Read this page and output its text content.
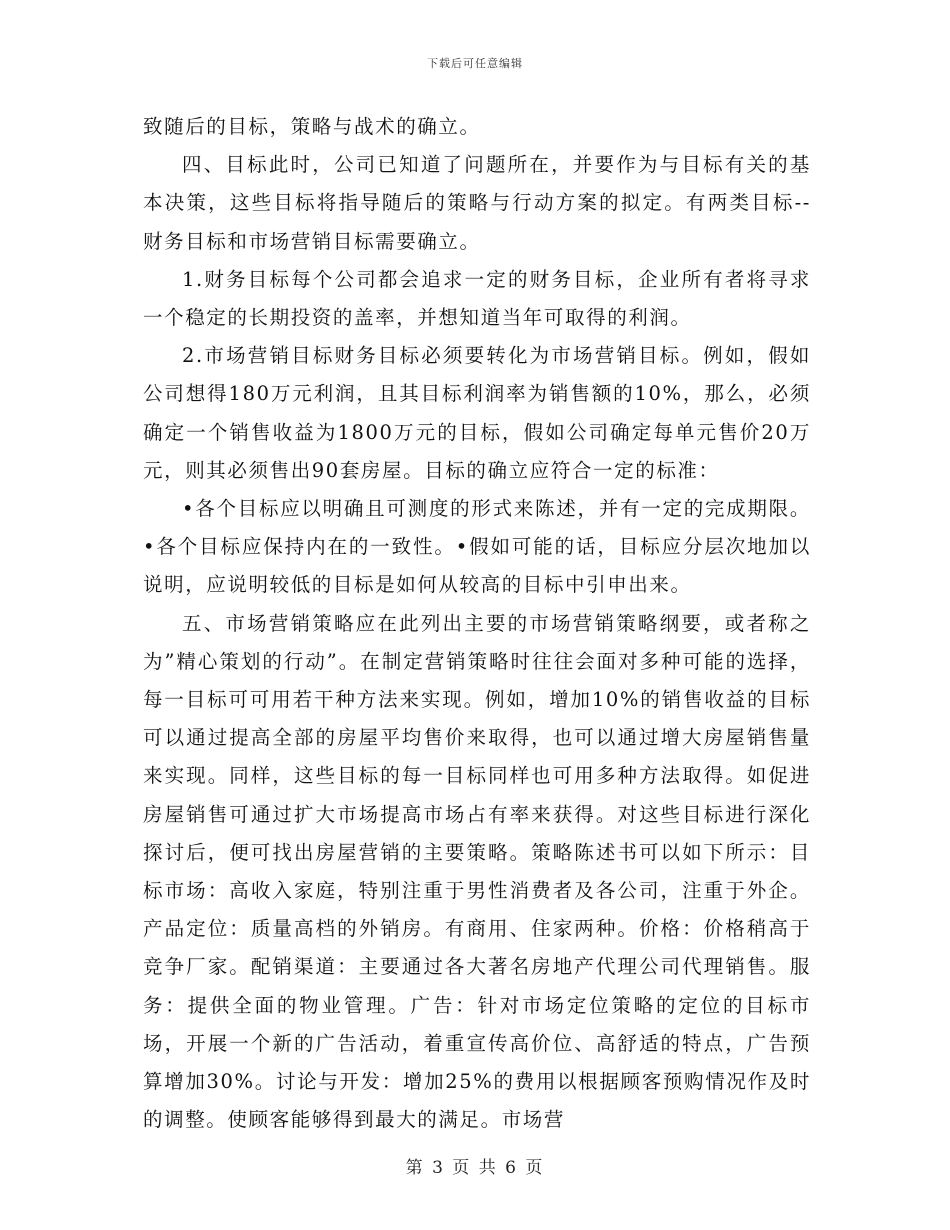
下载后可任意编辑

致随后的目标，策略与战术的确立。

四、目标此时，公司已知道了问题所在，并要作为与目标有关的基本决策，这些目标将指导随后的策略与行动方案的拟定。有两类目标--财务目标和市场营销目标需要确立。

1.财务目标每个公司都会追求一定的财务目标，企业所有者将寻求一个稳定的长期投资的盖率，并想知道当年可取得的利润。

2.市场营销目标财务目标必须要转化为市场营销目标。例如，假如公司想得180万元利润，且其目标利润率为销售额的10%，那么，必须确定一个销售收益为1800万元的目标，假如公司确定每单元售价20万元，则其必须售出90套房屋。目标的确立应符合一定的标准：

•各个目标应以明确且可测度的形式来陈述，并有一定的完成期限。•各个目标应保持内在的一致性。•假如可能的话，目标应分层次地加以说明，应说明较低的目标是如何从较高的目标中引申出来。

五、市场营销策略应在此列出主要的市场营销策略纲要，或者称之为”精心策划的行动”。在制定营销策略时往往会面对多种可能的选择，每一目标可可用若干种方法来实现。例如，增加10%的销售收益的目标可以通过提高全部的房屋平均售价来取得，也可以通过增大房屋销售量来实现。同样，这些目标的每一目标同样也可用多种方法取得。如促进房屋销售可通过扩大市场提高市场占有率来获得。对这些目标进行深化探讨后，便可找出房屋营销的主要策略。策略陈述书可以如下所示：目标市场：高收入家庭，特别注重于男性消费者及各公司，注重于外企。产品定位：质量高档的外销房。有商用、住家两种。价格：价格稍高于竞争厂家。配销渠道：主要通过各大著名房地产代理公司代理销售。服务：提供全面的物业管理。广告：针对市场定位策略的定位的目标市场，开展一个新的广告活动，着重宣传高价位、高舒适的特点，广告预算增加30%。讨论与开发：增加25%的费用以根据顾客预购情况作及时的调整。使顾客能够得到最大的满足。市场营

第 3 页 共 6 页
